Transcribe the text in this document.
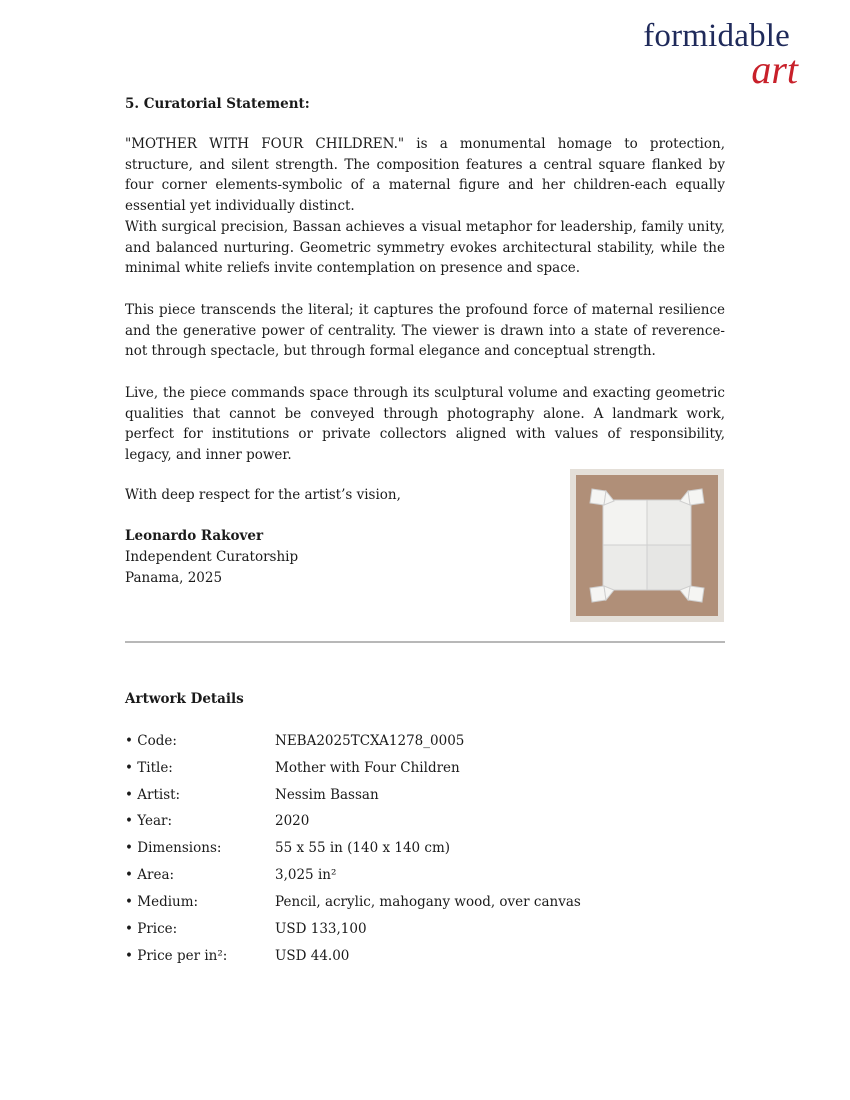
formidable
art
5. Curatorial Statement:

"MOTHER WITH FOUR CHILDREN." is a monumental homage to protection, structure, and silent strength. The composition features a central square flanked by four corner elements-symbolic of a maternal figure and her children-each equally essential yet individually distinct.

With surgical precision, Bassan achieves a visual metaphor for leadership, family unity, and balanced nurturing. Geometric symmetry evokes architectural stability, while the minimal white reliefs invite contemplation on presence and space.

This piece transcends the literal; it captures the profound force of maternal resilience and the generative power of centrality. The viewer is drawn into a state of reverence-not through spectacle, but through formal elegance and conceptual strength.

Live, the piece commands space through its sculptural volume and exacting geometric qualities that cannot be conveyed through photography alone. A landmark work, perfect for institutions or private collectors aligned with values of responsibility, legacy, and inner power.

With deep respect for the artist’s vision,
Leonardo Rakover
Independent Curatorship
Panama, 2025
Artwork Details
• Code:	NEBA2025TCXA1278_0005
• Title:	Mother with Four Children
• Artist:	Nessim Bassan
• Year:	2020
• Dimensions:	55 x 55 in (140 x 140 cm)
• Area:	3,025 in²
• Medium:	Pencil, acrylic, mahogany wood, over canvas
• Price:	USD 133,100
• Price per in²:	USD 44.00
